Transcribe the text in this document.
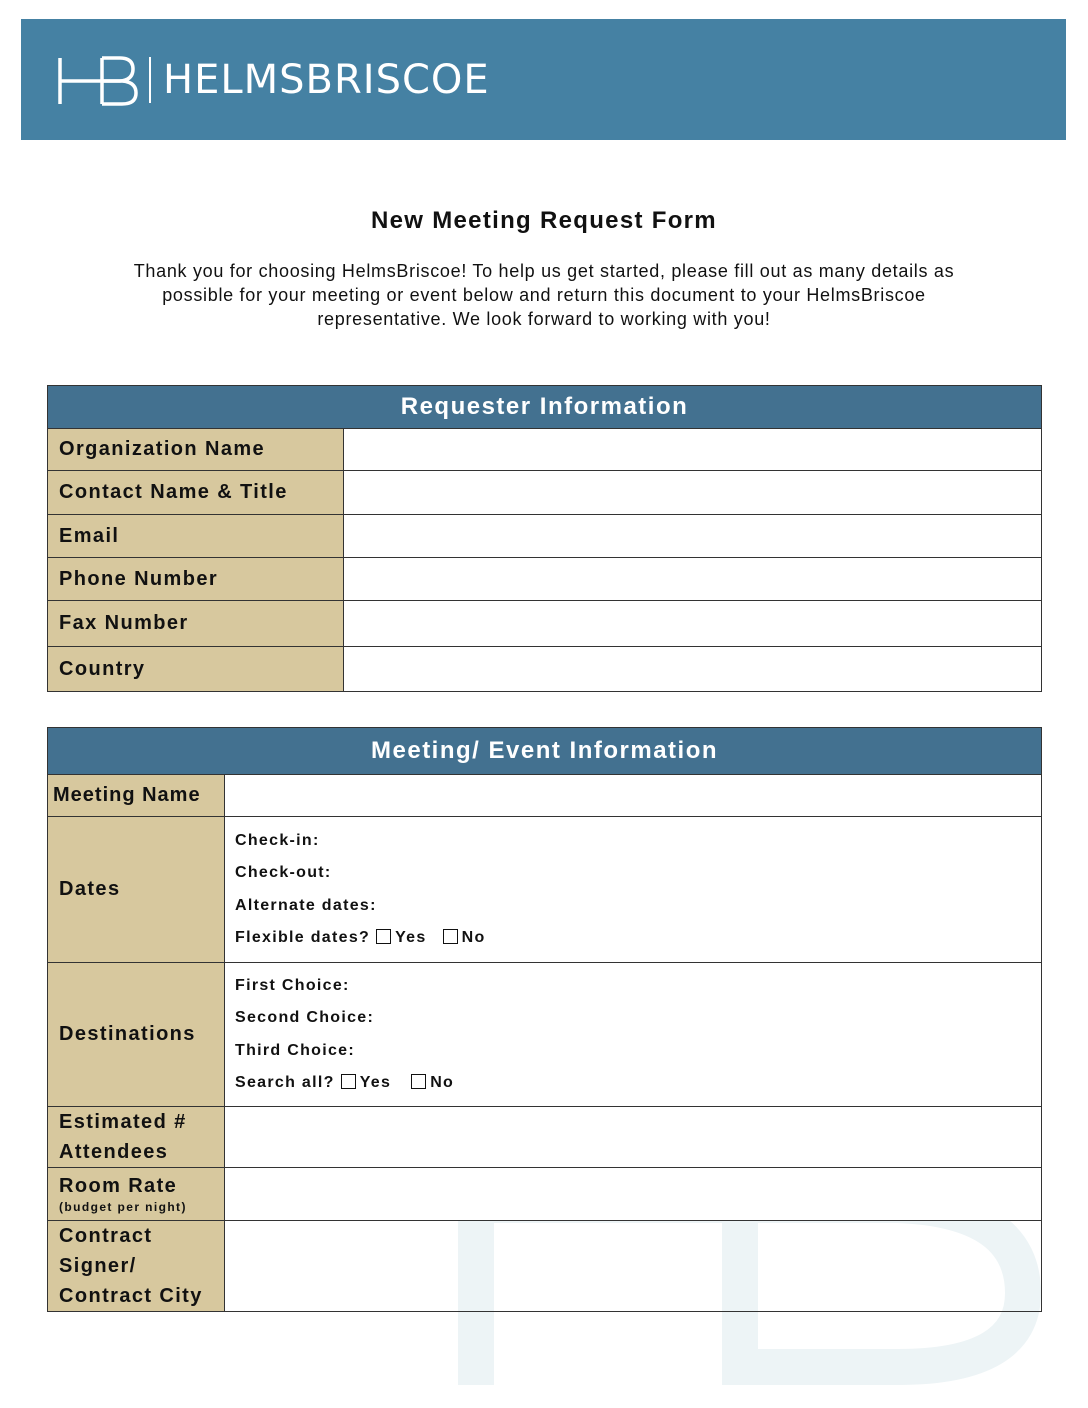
HELMSBRISCOE
New Meeting Request Form
Thank you for choosing HelmsBriscoe! To help us get started, please fill out as many details as possible for your meeting or event below and return this document to your HelmsBriscoe representative. We look forward to working with you!
Requester Information	
Organization Name	
Contact Name & Title	
Email	
Phone Number	
Fax Number	
Country	
Meeting/ Event Information	
Meeting Name	
Dates	Check-in:
Check-out:
Alternate dates:
Flexible dates? Yes No

Destinations	First Choice:
Second Choice:
Third Choice:
Search all? Yes No

Estimated #
Attendees	

Room Rate
(budget per night)	

Contract
Signer/
Contract City	
